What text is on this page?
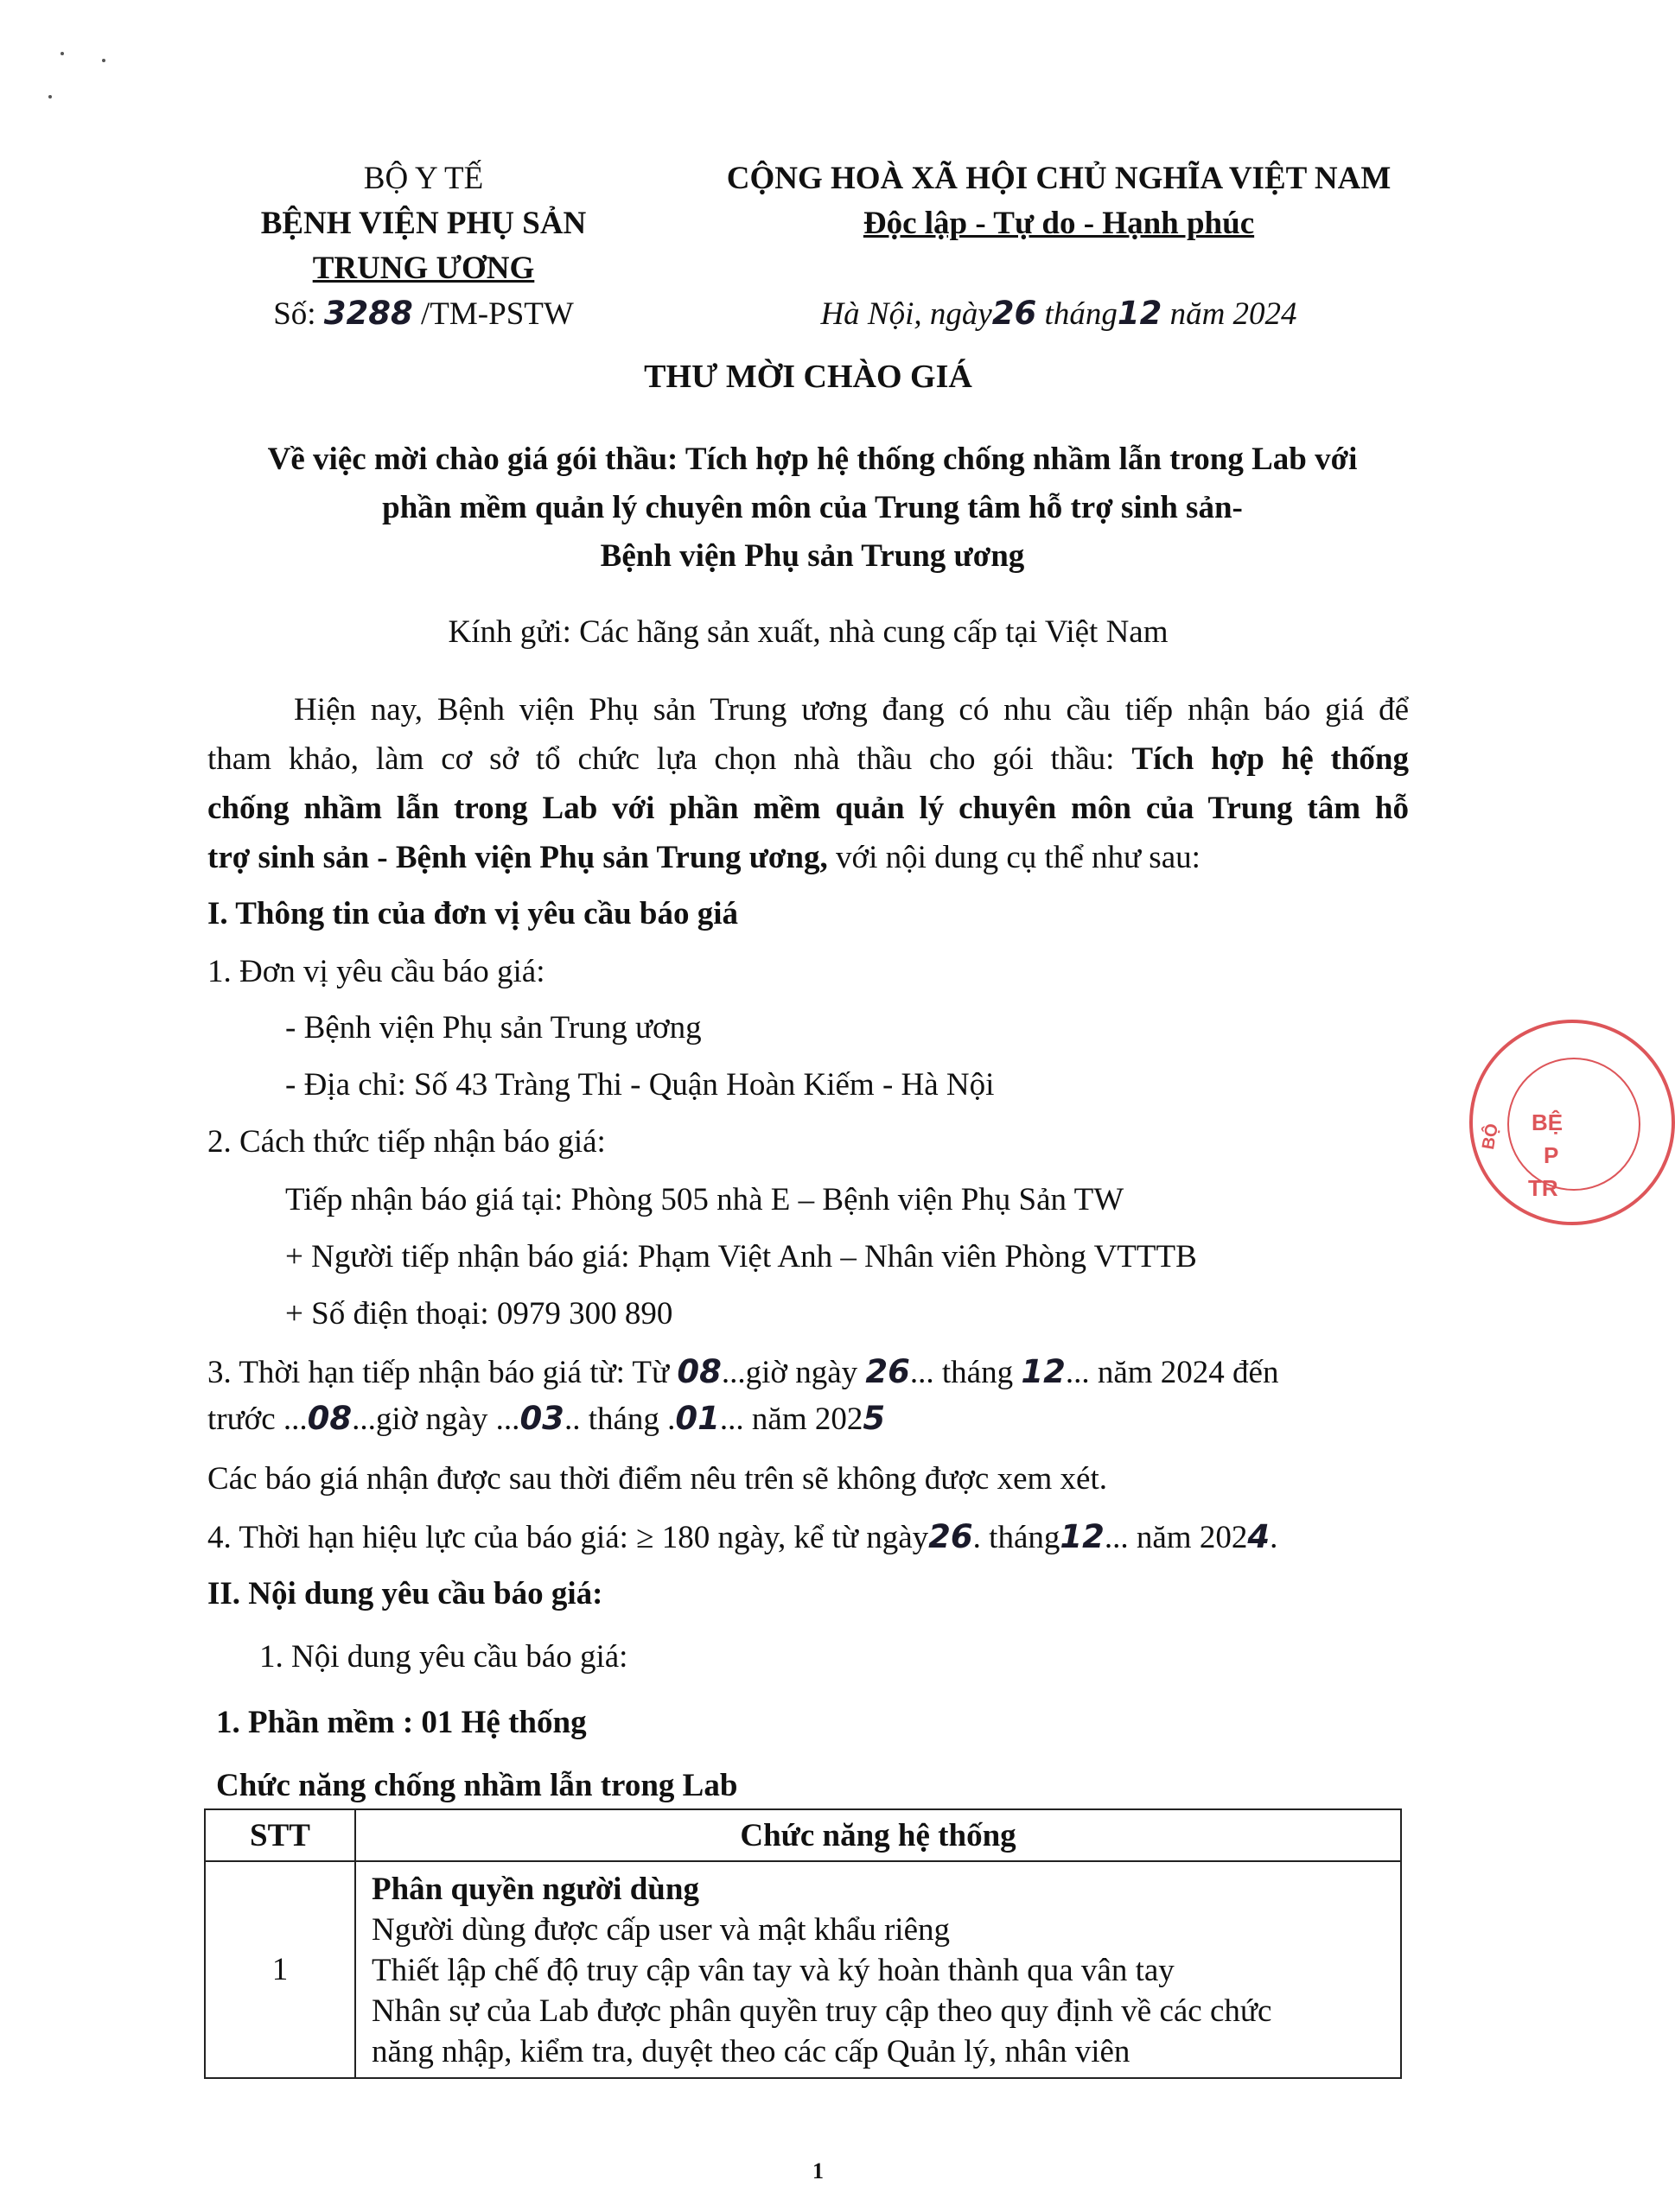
BỘ Y TẾ
BỆNH VIỆN PHỤ SẢN
TRUNG ƯƠNG
Số: 3288 /TM-PSTW
CỘNG HOÀ XÃ HỘI CHỦ NGHĨA VIỆT NAM
Độc lập - Tự do - Hạnh phúc
Hà Nội, ngày26 tháng12 năm 2024
THƯ MỜI CHÀO GIÁ
Về việc mời chào giá gói thầu: Tích hợp hệ thống chống nhầm lẫn trong Lab với
phần mềm quản lý chuyên môn của Trung tâm hỗ trợ sinh sản-
Bệnh viện Phụ sản Trung ương
Kính gửi: Các hãng sản xuất, nhà cung cấp tại Việt Nam
Hiện nay, Bệnh viện Phụ sản Trung ương đang có nhu cầu tiếp nhận báo giá để
tham khảo, làm cơ sở tổ chức lựa chọn nhà thầu cho gói thầu: Tích hợp hệ thống
chống nhầm lẫn trong Lab với phần mềm quản lý chuyên môn của Trung tâm hỗ
trợ sinh sản - Bệnh viện Phụ sản Trung ương, với nội dung cụ thể như sau:
I. Thông tin của đơn vị yêu cầu báo giá
1. Đơn vị yêu cầu báo giá:
- Bệnh viện Phụ sản Trung ương
- Địa chỉ: Số 43 Tràng Thi - Quận Hoàn Kiếm - Hà Nội
2. Cách thức tiếp nhận báo giá:
Tiếp nhận báo giá tại: Phòng 505 nhà E – Bệnh viện Phụ Sản TW
+ Người tiếp nhận báo giá: Phạm Việt Anh – Nhân viên Phòng VTTTB
+ Số điện thoại: 0979 300 890
3. Thời hạn tiếp nhận báo giá từ: Từ 08...giờ ngày 26... tháng 12... năm 2024 đến
trước ...08...giờ ngày ...03.. tháng .01... năm 2025
Các báo giá nhận được sau thời điểm nêu trên sẽ không được xem xét.
4. Thời hạn hiệu lực của báo giá: ≥ 180 ngày, kể từ ngày26. tháng12... năm 2024.
II. Nội dung yêu cầu báo giá:
1. Nội dung yêu cầu báo giá:
1. Phần mềm : 01 Hệ thống
Chức năng chống nhầm lẫn trong Lab
STT	Chức năng hệ thống
1	Phân quyền người dùng
Người dùng được cấp user và mật khẩu riêng
Thiết lập chế độ truy cập vân tay và ký hoàn thành qua vân tay
Nhân sự của Lab được phân quyền truy cập theo quy định về các chức
năng nhập, kiểm tra, duyệt theo các cấp Quản lý, nhân viên
BỆ
P
TR
BỘ
1
